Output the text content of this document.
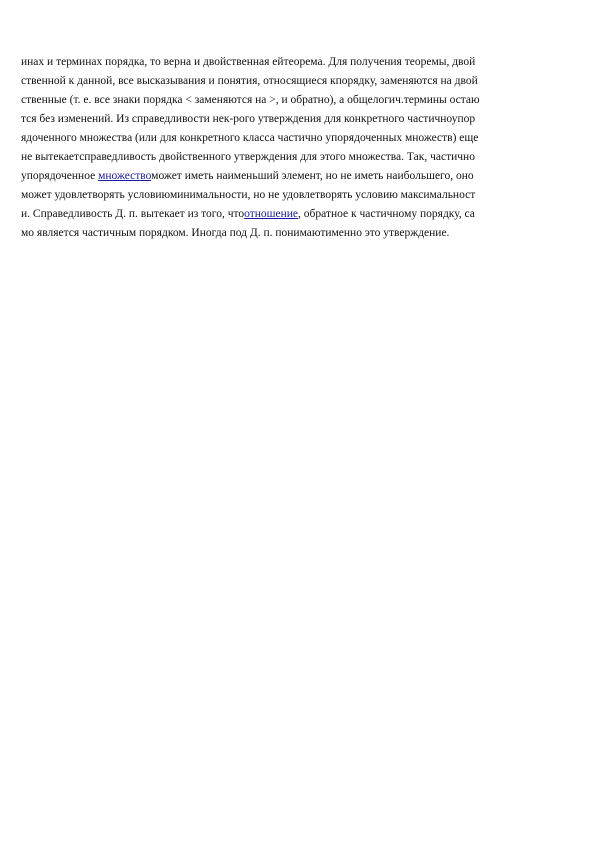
инах и терминах порядка, то верна и двойственная ейтеорема. Для получения теоремы, двой
ственной к данной, все высказывания и понятия, относящиеся кпорядку, заменяются на двой
ственные (т. е. все знаки порядка < заменяются на >, и обратно), а общелогич.термины остаю
тся без изменений. Из справедливости нек-рого утверждения для конкретного частичноупор
ядоченного множества (или для конкретного класса частично упорядоченных множеств) еще
не вытекаетсправедливость двойственного утверждения для этого множества. Так, частично
упорядоченное множествоможет иметь наименьший элемент, но не иметь наибольшего, оно
может удовлетворять условиюминимальности, но не удовлетворять условию максимальност
и. Справедливость Д. п. вытекает из того, чтоотношение, обратное к частичному порядку, са
мо является частичным порядком. Иногда под Д. п. понимаютименно это утверждение.
